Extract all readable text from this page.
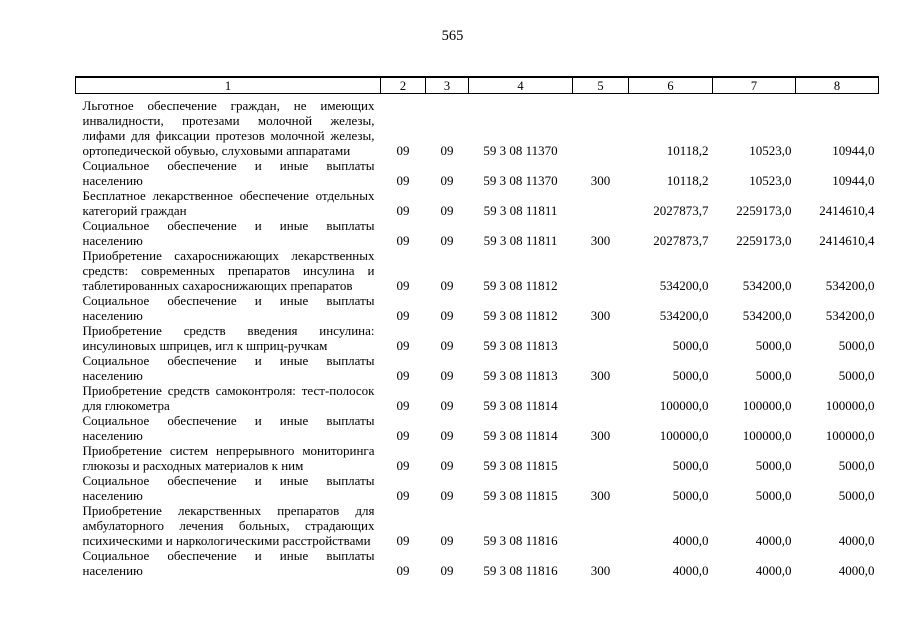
565
1	2	3	4	5	6	7	8
Льготное обеспечение граждан, не имеющих инвалидности, протезами молочной железы, лифами для фиксации протезов молочной железы, ортопедической обувью, слуховыми аппаратами	09	09	59 3 08 11370		10118,2	10523,0	10944,0
Социальное обеспечение и иные выплаты населению	09	09	59 3 08 11370	300	10118,2	10523,0	10944,0
Бесплатное лекарственное обеспечение отдельных категорий граждан	09	09	59 3 08 11811		2027873,7	2259173,0	2414610,4
Социальное обеспечение и иные выплаты населению	09	09	59 3 08 11811	300	2027873,7	2259173,0	2414610,4
Приобретение сахароснижающих лекарственных средств: современных препаратов инсулина и таблетированных сахароснижающих препаратов	09	09	59 3 08 11812		534200,0	534200,0	534200,0
Социальное обеспечение и иные выплаты населению	09	09	59 3 08 11812	300	534200,0	534200,0	534200,0
Приобретение средств введения инсулина: инсулиновых шприцев, игл к шприц-ручкам	09	09	59 3 08 11813		5000,0	5000,0	5000,0
Социальное обеспечение и иные выплаты населению	09	09	59 3 08 11813	300	5000,0	5000,0	5000,0
Приобретение средств самоконтроля: тест-полосок для глюкометра	09	09	59 3 08 11814		100000,0	100000,0	100000,0
Социальное обеспечение и иные выплаты населению	09	09	59 3 08 11814	300	100000,0	100000,0	100000,0
Приобретение систем непрерывного мониторинга глюкозы и расходных материалов к ним	09	09	59 3 08 11815		5000,0	5000,0	5000,0
Социальное обеспечение и иные выплаты населению	09	09	59 3 08 11815	300	5000,0	5000,0	5000,0
Приобретение лекарственных препаратов для амбулаторного лечения больных, страдающих психическими и наркологическими расстройствами	09	09	59 3 08 11816		4000,0	4000,0	4000,0
Социальное обеспечение и иные выплаты населению	09	09	59 3 08 11816	300	4000,0	4000,0	4000,0
